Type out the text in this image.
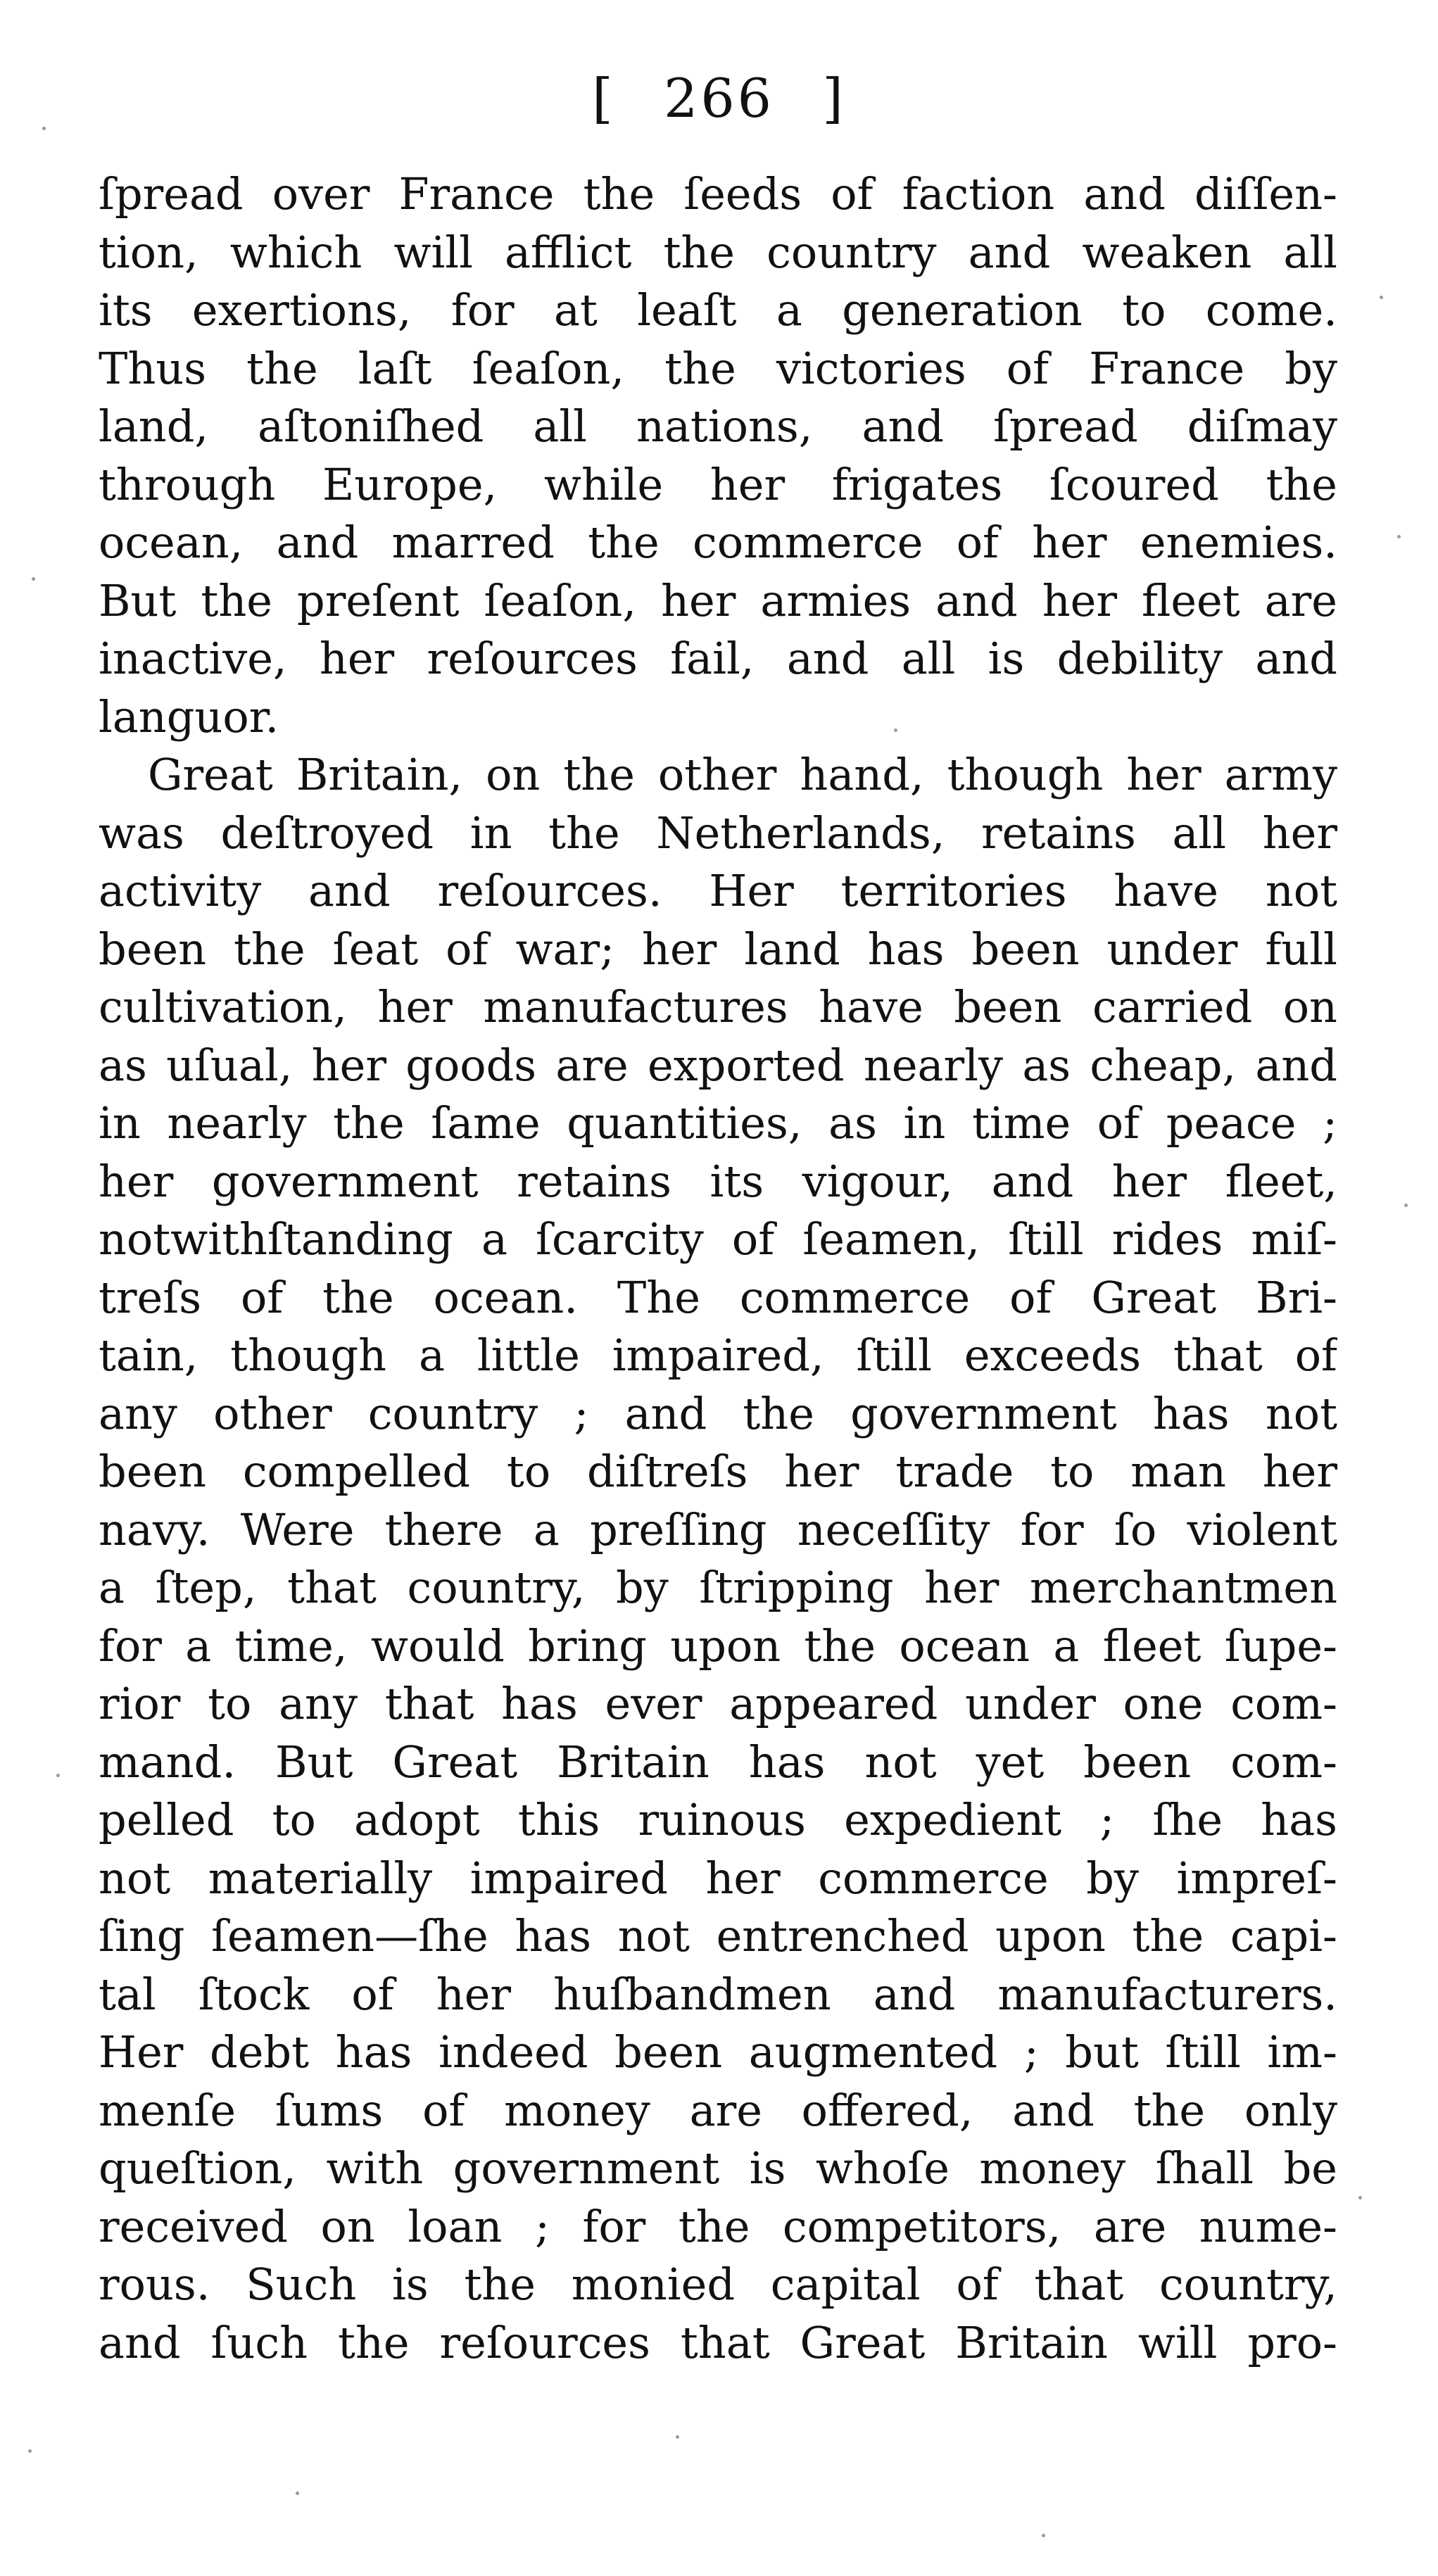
[ 266 ]
ſpread over France the ſeeds of faction and diſſen-
tion, which will afflict the country and weaken all
its exertions, for at leaſt a generation to come.
Thus the laſt ſeaſon, the victories of France by
land, aſtoniſhed all nations, and ſpread diſmay
through Europe, while her frigates ſcoured the
ocean, and marred the commerce of her enemies.
But the preſent ſeaſon, her armies and her fleet are
inactive, her reſources fail, and all is debility and
languor.
Great Britain, on the other hand, though her army
was deſtroyed in the Netherlands, retains all her
activity and reſources. Her territories have not
been the ſeat of war; her land has been under full
cultivation, her manufactures have been carried on
as uſual, her goods are exported nearly as cheap, and
in nearly the ſame quantities, as in time of peace ;
her government retains its vigour, and her fleet,
notwithſtanding a ſcarcity of ſeamen, ſtill rides miſ-
treſs of the ocean. The commerce of Great Bri-
tain, though a little impaired, ſtill exceeds that of
any other country ; and the government has not
been compelled to diſtreſs her trade to man her
navy. Were there a preſſing neceſſity for ſo violent
a ſtep, that country, by ſtripping her merchantmen
for a time, would bring upon the ocean a fleet ſupe-
rior to any that has ever appeared under one com-
mand. But Great Britain has not yet been com-
pelled to adopt this ruinous expedient ; ſhe has
not materially impaired her commerce by impreſ-
ſing ſeamen—ſhe has not entrenched upon the capi-
tal ſtock of her huſbandmen and manufacturers.
Her debt has indeed been augmented ; but ſtill im-
menſe ſums of money are offered, and the only
queſtion, with government is whoſe money ſhall be
received on loan ; for the competitors, are nume-
rous. Such is the monied capital of that country,
and ſuch the reſources that Great Britain will pro-
